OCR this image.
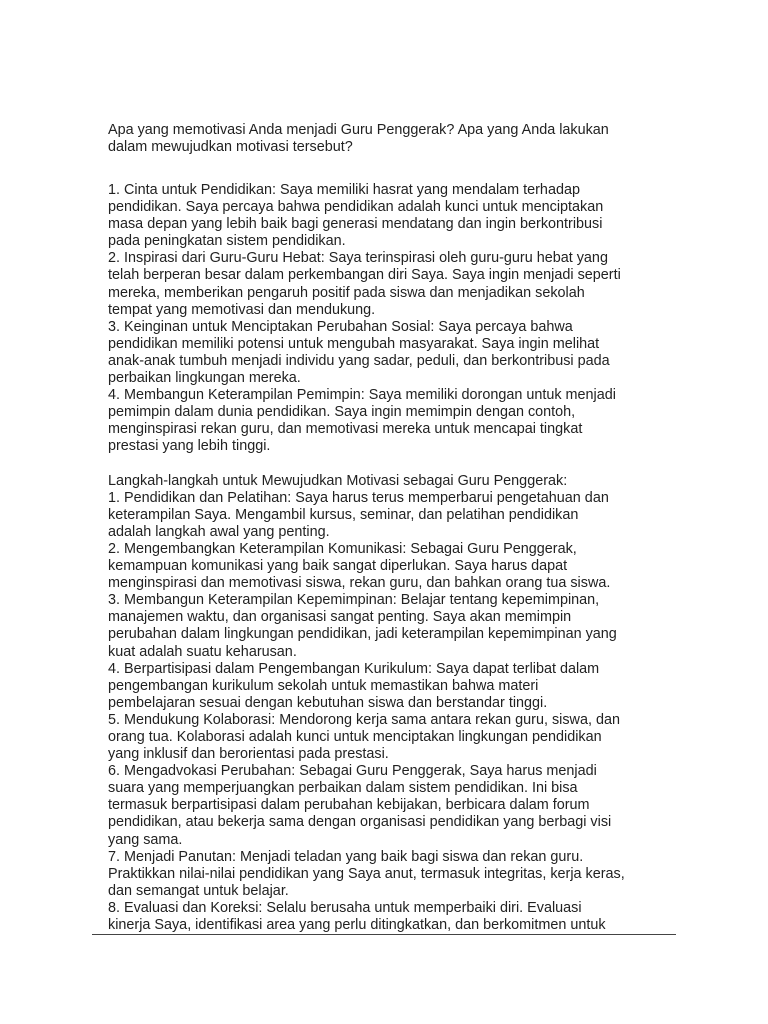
Apa yang memotivasi Anda menjadi Guru Penggerak? Apa yang Anda lakukan
dalam mewujudkan motivasi tersebut?
1. Cinta untuk Pendidikan: Saya memiliki hasrat yang mendalam terhadap
pendidikan. Saya percaya bahwa pendidikan adalah kunci untuk menciptakan
masa depan yang lebih baik bagi generasi mendatang dan ingin berkontribusi
pada peningkatan sistem pendidikan.
2. Inspirasi dari Guru-Guru Hebat: Saya terinspirasi oleh guru-guru hebat yang
telah berperan besar dalam perkembangan diri Saya. Saya ingin menjadi seperti
mereka, memberikan pengaruh positif pada siswa dan menjadikan sekolah
tempat yang memotivasi dan mendukung.
3. Keinginan untuk Menciptakan Perubahan Sosial: Saya percaya bahwa
pendidikan memiliki potensi untuk mengubah masyarakat. Saya ingin melihat
anak-anak tumbuh menjadi individu yang sadar, peduli, dan berkontribusi pada
perbaikan lingkungan mereka.
4. Membangun Keterampilan Pemimpin: Saya memiliki dorongan untuk menjadi
pemimpin dalam dunia pendidikan. Saya ingin memimpin dengan contoh,
menginspirasi rekan guru, dan memotivasi mereka untuk mencapai tingkat
prestasi yang lebih tinggi.
Langkah-langkah untuk Mewujudkan Motivasi sebagai Guru Penggerak:
1. Pendidikan dan Pelatihan: Saya harus terus memperbarui pengetahuan dan
keterampilan Saya. Mengambil kursus, seminar, dan pelatihan pendidikan
adalah langkah awal yang penting.
2. Mengembangkan Keterampilan Komunikasi: Sebagai Guru Penggerak,
kemampuan komunikasi yang baik sangat diperlukan. Saya harus dapat
menginspirasi dan memotivasi siswa, rekan guru, dan bahkan orang tua siswa.
3. Membangun Keterampilan Kepemimpinan: Belajar tentang kepemimpinan,
manajemen waktu, dan organisasi sangat penting. Saya akan memimpin
perubahan dalam lingkungan pendidikan, jadi keterampilan kepemimpinan yang
kuat adalah suatu keharusan.
4. Berpartisipasi dalam Pengembangan Kurikulum: Saya dapat terlibat dalam
pengembangan kurikulum sekolah untuk memastikan bahwa materi
pembelajaran sesuai dengan kebutuhan siswa dan berstandar tinggi.
5. Mendukung Kolaborasi: Mendorong kerja sama antara rekan guru, siswa, dan
orang tua. Kolaborasi adalah kunci untuk menciptakan lingkungan pendidikan
yang inklusif dan berorientasi pada prestasi.
6. Mengadvokasi Perubahan: Sebagai Guru Penggerak, Saya harus menjadi
suara yang memperjuangkan perbaikan dalam sistem pendidikan. Ini bisa
termasuk berpartisipasi dalam perubahan kebijakan, berbicara dalam forum
pendidikan, atau bekerja sama dengan organisasi pendidikan yang berbagi visi
yang sama.
7. Menjadi Panutan: Menjadi teladan yang baik bagi siswa dan rekan guru.
Praktikkan nilai-nilai pendidikan yang Saya anut, termasuk integritas, kerja keras,
dan semangat untuk belajar.
8. Evaluasi dan Koreksi: Selalu berusaha untuk memperbaiki diri. Evaluasi
kinerja Saya, identifikasi area yang perlu ditingkatkan, dan berkomitmen untuk
